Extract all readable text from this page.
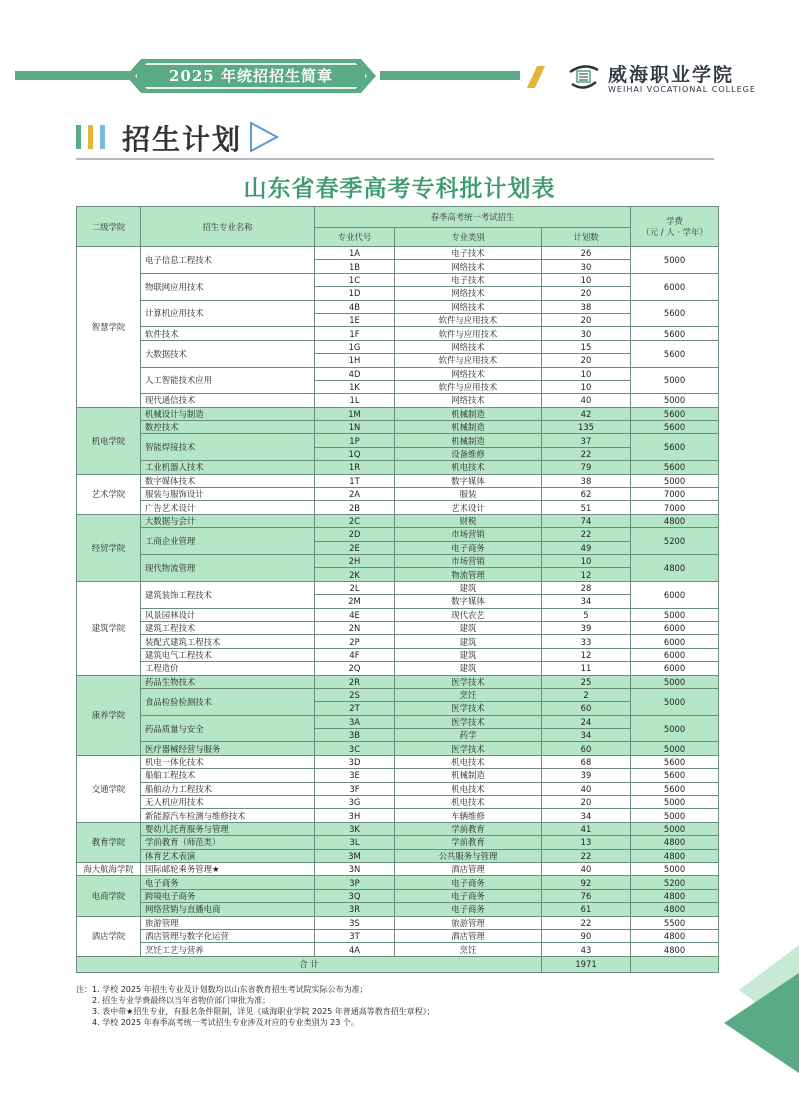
2025 年统招招生简章	威海职业学院
WEIHAI VOCATIONAL COLLEGE
招生计划
山东省春季高考专科批计划表
二级学院	招生专业名称	春季高考统一考试招生			学费
（元 / 人 · 学年）

		专业代号	专业类别	计划数	
智慧学院	电子信息工程技术	1A	电子技术	26	5000
		1B	网络技术	30	
	物联网应用技术	1C	电子技术	10	6000
		1D	网络技术	20	
	计算机应用技术	4B	网络技术	38	5600
		1E	软件与应用技术	20	
	软件技术	1F	软件与应用技术	30	5600
	大数据技术	1G	网络技术	15	5600
		1H	软件与应用技术	20	
	人工智能技术应用	4D	网络技术	10	5000
		1K	软件与应用技术	10	
	现代通信技术	1L	网络技术	40	5000
机电学院	机械设计与制造	1M	机械制造	42	5600
	数控技术	1N	机械制造	135	5600
	智能焊接技术	1P	机械制造	37	5600
		1Q	设备维修	22	
	工业机器人技术	1R	机电技术	79	5600
艺术学院	数字媒体技术	1T	数字媒体	38	5000
	服装与服饰设计	2A	服装	62	7000
	广告艺术设计	2B	艺术设计	51	7000
经贸学院	大数据与会计	2C	财税	74	4800
	工商企业管理	2D	市场营销	22	5200
		2E	电子商务	49	
	现代物流管理	2H	市场营销	10	4800
		2K	物流管理	12	
建筑学院	建筑装饰工程技术	2L	建筑	28	6000
		2M	数字媒体	34	
	风景园林设计	4E	现代农艺	5	5000
	建筑工程技术	2N	建筑	39	6000
	装配式建筑工程技术	2P	建筑	33	6000
	建筑电气工程技术	4F	建筑	12	6000
	工程造价	2Q	建筑	11	6000
康养学院	药品生物技术	2R	医学技术	25	5000
	食品检验检测技术	2S	烹饪	2	5000
		2T	医学技术	60	
	药品质量与安全	3A	医学技术	24	5000
		3B	药学	34	
	医疗器械经营与服务	3C	医学技术	60	5000
交通学院	机电一体化技术	3D	机电技术	68	5600
	船舶工程技术	3E	机械制造	39	5600
	船舶动力工程技术	3F	机电技术	40	5600
	无人机应用技术	3G	机电技术	20	5000
	新能源汽车检测与维修技术	3H	车辆维修	34	5000
教育学院	婴幼儿托育服务与管理	3K	学前教育	41	5000
	学前教育（师范类）	3L	学前教育	13	4800
	体育艺术表演	3M	公共服务与管理	22	4800
海大航海学院	国际邮轮乘务管理★	3N	酒店管理	40	5000
电商学院	电子商务	3P	电子商务	92	5200
	跨境电子商务	3Q	电子商务	76	4800
	网络营销与直播电商	3R	电子商务	61	4800
酒店学院	旅游管理	3S	旅游管理	22	5500
	酒店管理与数字化运营	3T	酒店管理	90	4800
	烹饪工艺与营养	4A	烹饪	43	4800
合 计				1971	
注：1. 学校 2025 年招生专业及计划数均以山东省教育招生考试院实际公布为准；
2. 招生专业学费最终以当年省物价部门审批为准；
3. 表中带★招生专业，有报名条件限制，详见《威海职业学院 2025 年普通高等教育招生章程》；
4. 学校 2025 年春季高考统一考试招生专业涉及对应的专业类别为 23 个。
